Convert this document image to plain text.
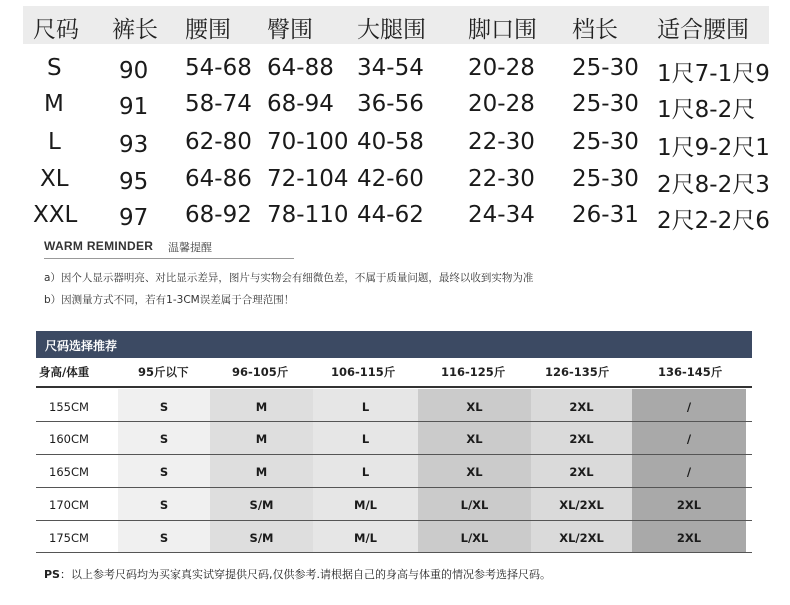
尺码 裤长 腰围 臀围 大腿围 脚口围 档长 适合腰围
S 90 54-68 64-88 34-54 20-28 25-30 1尺7-1尺9
M 91 58-74 68-94 36-56 20-28 25-30 1尺8-2尺
L	93 62-80 70-100 40-58 22-30 25-30 1尺9-2尺1
XL 95 64-86 72-104 42-60 22-30 25-30 2尺8-2尺3
XXL 97 68-92 78-110 44-62 24-34 26-31 2尺2-2尺6
WARM REMINDER 温馨提醒
a）因个人显示器明亮、对比显示差异，图片与实物会有细微色差，不属于质量问题，最终以收到实物为准
b）因测量方式不同，若有1-3CM误差属于合理范围！
尺码选择推荐
身高/体重	95斤以下	96-105斤	106-115斤	116-125斤	126-135斤	136-145斤
155CM	S	M	L	XL	2XL	/
160CM	S	M	L	XL	2XL	/
165CM	S	M	L	XL	2XL	/
170CM	S	S/M	M/L	L/XL	XL/2XL	2XL
175CM	S	S/M	M/L	L/XL	XL/2XL	2XL
PS：以上参考尺码均为买家真实试穿提供尺码,仅供参考.请根据自己的身高与体重的情况参考选择尺码。
